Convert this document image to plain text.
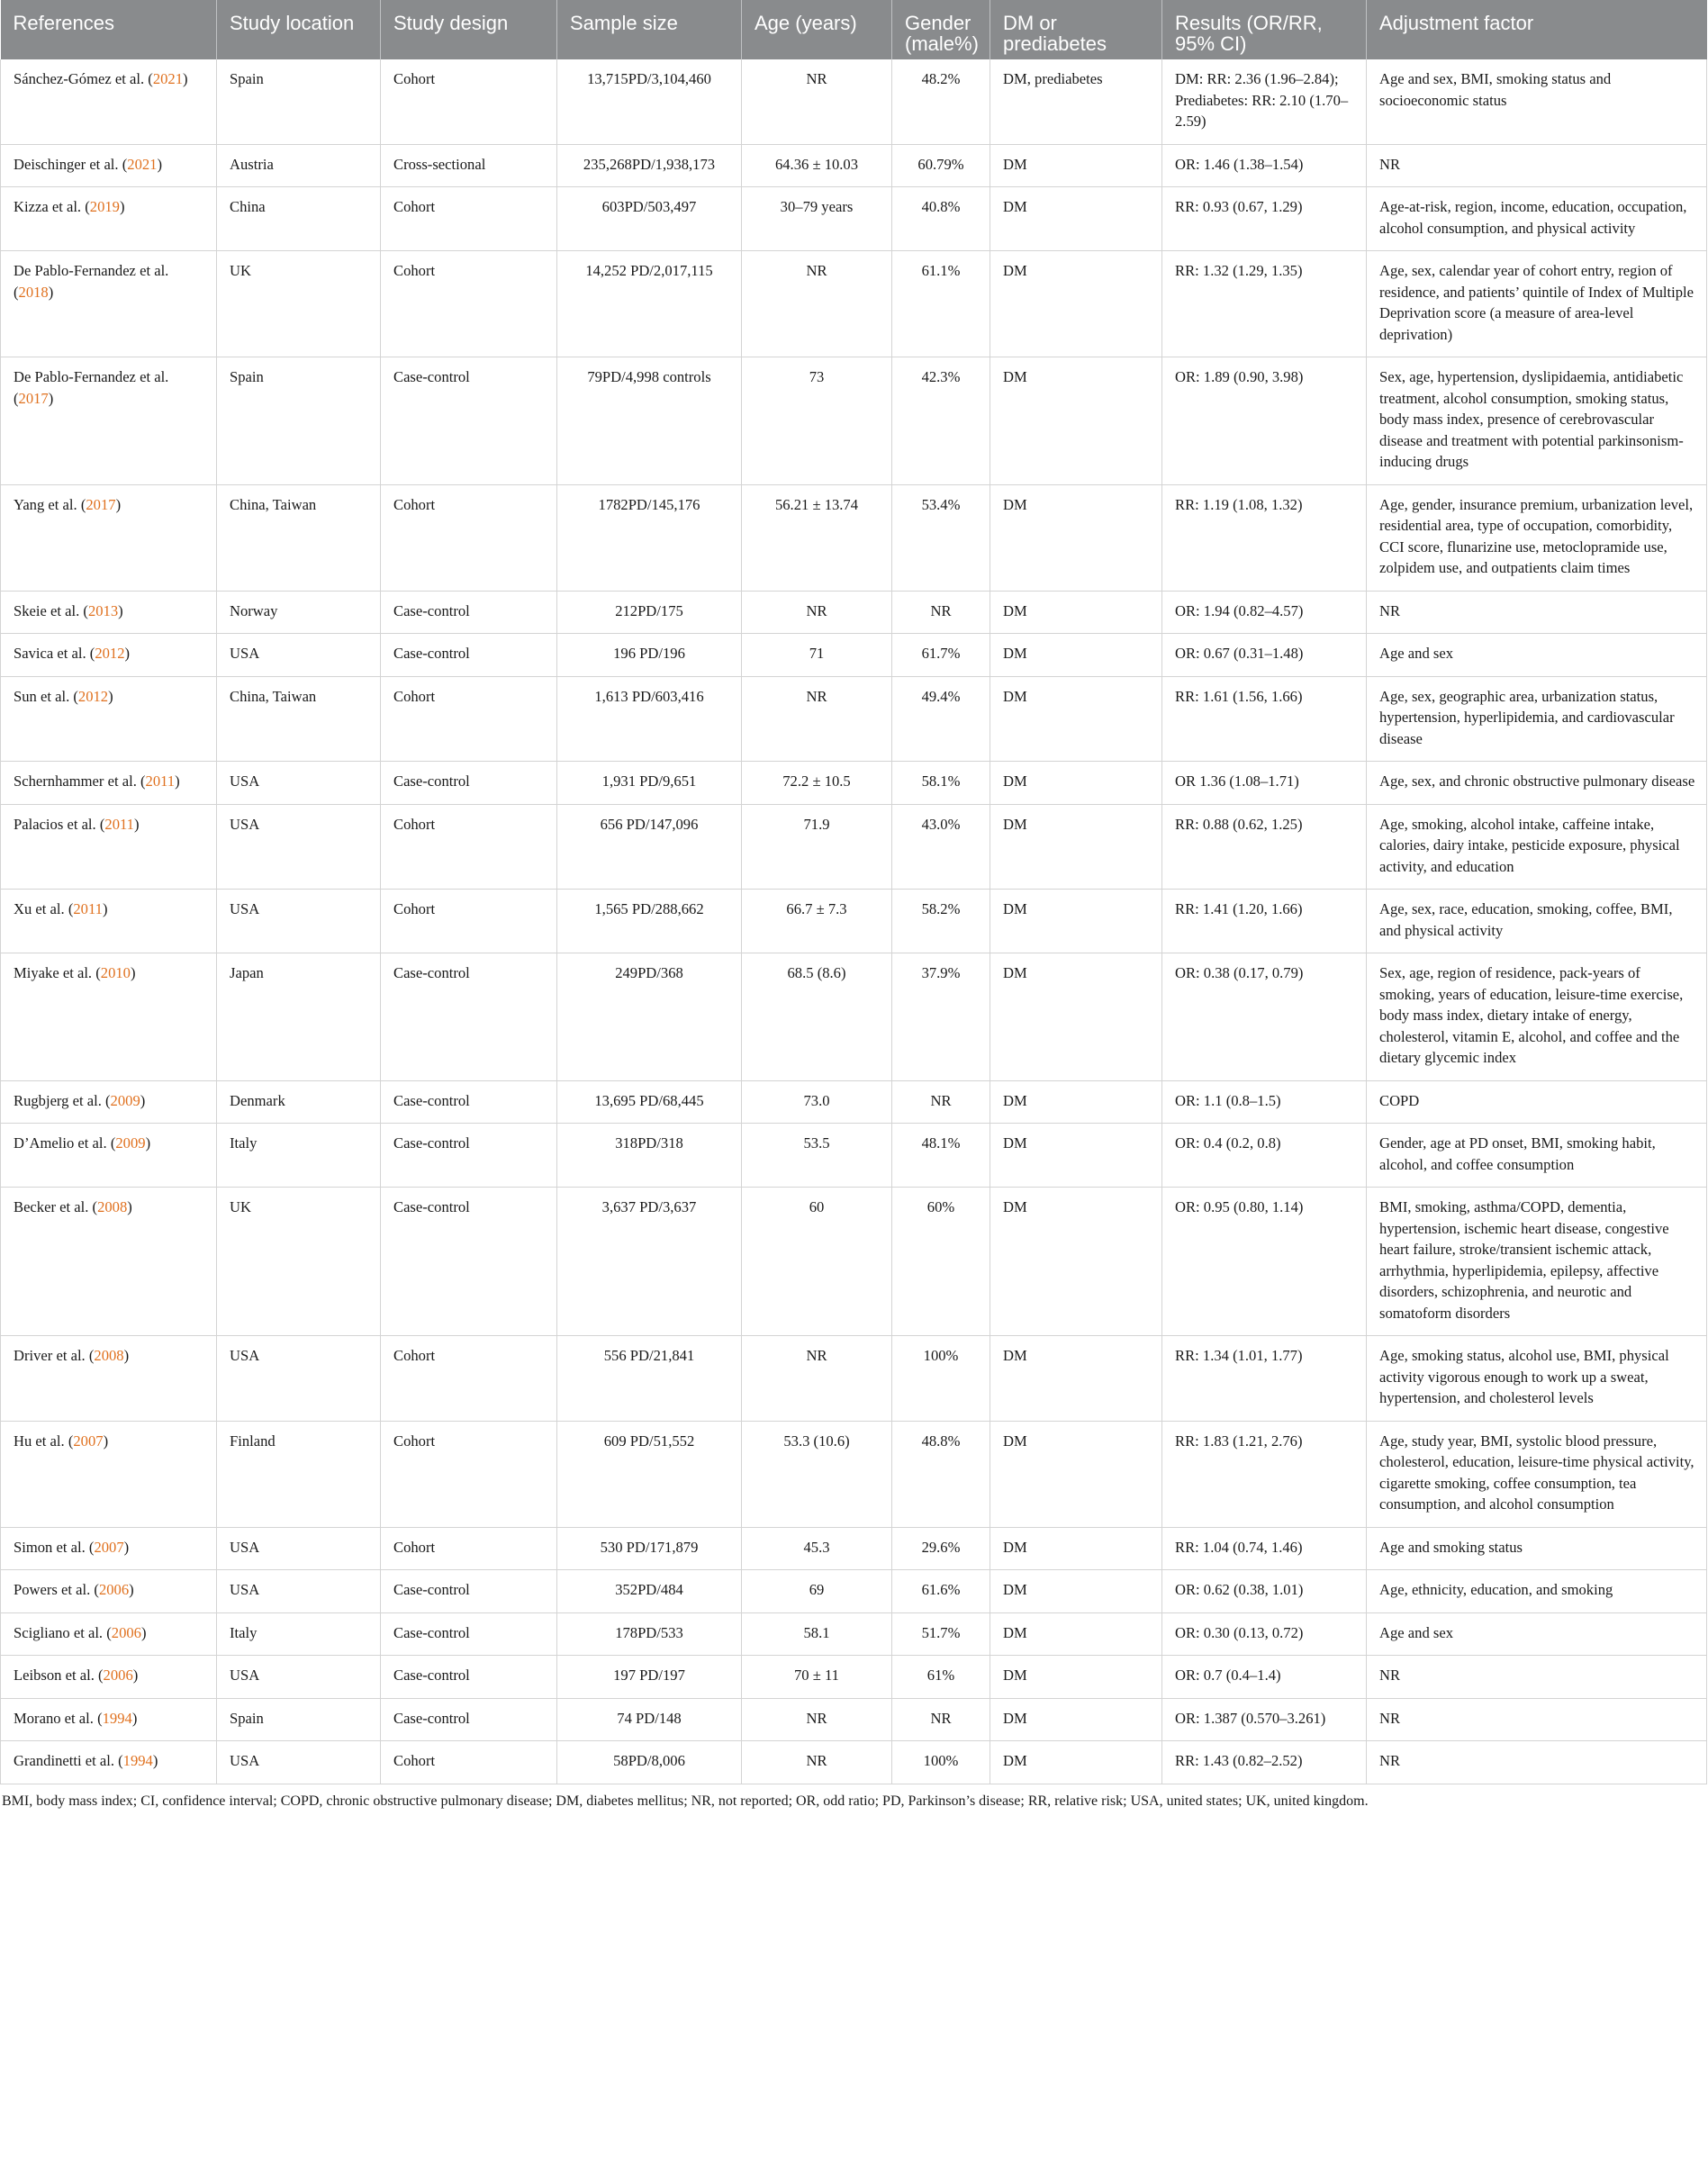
References	Study location	Study design	Sample size	Age (years)	Gender (male%)	DM or prediabetes	Results (OR/RR, 95% CI)	Adjustment factor
Sánchez-Gómez et al. (2021)	Spain	Cohort	13,715PD/3,104,460	NR	48.2%	DM, prediabetes	DM: RR: 2.36 (1.96–2.84); Prediabetes: RR: 2.10 (1.70–2.59)	Age and sex, BMI, smoking status and socioeconomic status
Deischinger et al. (2021)	Austria	Cross-sectional	235,268PD/1,938,173	64.36 ± 10.03	60.79%	DM	OR: 1.46 (1.38–1.54)	NR
Kizza et al. (2019)	China	Cohort	603PD/503,497	30–79 years	40.8%	DM	RR: 0.93 (0.67, 1.29)	Age-at-risk, region, income, education, occupation, alcohol consumption, and physical activity
De Pablo-Fernandez et al. (2018)	UK	Cohort	14,252 PD/2,017,115	NR	61.1%	DM	RR: 1.32 (1.29, 1.35)	Age, sex, calendar year of cohort entry, region of residence, and patients’ quintile of Index of Multiple Deprivation score (a measure of area-level deprivation)
De Pablo-Fernandez et al. (2017)	Spain	Case-control	79PD/4,998 controls	73	42.3%	DM	OR: 1.89 (0.90, 3.98)	Sex, age, hypertension, dyslipidaemia, antidiabetic treatment, alcohol consumption, smoking status, body mass index, presence of cerebrovascular disease and treatment with potential parkinsonism-inducing drugs
Yang et al. (2017)	China, Taiwan	Cohort	1782PD/145,176	56.21 ± 13.74	53.4%	DM	RR: 1.19 (1.08, 1.32)	Age, gender, insurance premium, urbanization level, residential area, type of occupation, comorbidity, CCI score, flunarizine use, metoclopramide use, zolpidem use, and outpatients claim times
Skeie et al. (2013)	Norway	Case-control	212PD/175	NR	NR	DM	OR: 1.94 (0.82–4.57)	NR
Savica et al. (2012)	USA	Case-control	196 PD/196	71	61.7%	DM	OR: 0.67 (0.31–1.48)	Age and sex
Sun et al. (2012)	China, Taiwan	Cohort	1,613 PD/603,416	NR	49.4%	DM	RR: 1.61 (1.56, 1.66)	Age, sex, geographic area, urbanization status, hypertension, hyperlipidemia, and cardiovascular disease
Schernhammer et al. (2011)	USA	Case-control	1,931 PD/9,651	72.2 ± 10.5	58.1%	DM	OR 1.36 (1.08–1.71)	Age, sex, and chronic obstructive pulmonary disease
Palacios et al. (2011)	USA	Cohort	656 PD/147,096	71.9	43.0%	DM	RR: 0.88 (0.62, 1.25)	Age, smoking, alcohol intake, caffeine intake, calories, dairy intake, pesticide exposure, physical activity, and education
Xu et al. (2011)	USA	Cohort	1,565 PD/288,662	66.7 ± 7.3	58.2%	DM	RR: 1.41 (1.20, 1.66)	Age, sex, race, education, smoking, coffee, BMI, and physical activity
Miyake et al. (2010)	Japan	Case-control	249PD/368	68.5 (8.6)	37.9%	DM	OR: 0.38 (0.17, 0.79)	Sex, age, region of residence, pack-years of smoking, years of education, leisure-time exercise, body mass index, dietary intake of energy, cholesterol, vitamin E, alcohol, and coffee and the dietary glycemic index
Rugbjerg et al. (2009)	Denmark	Case-control	13,695 PD/68,445	73.0	NR	DM	OR: 1.1 (0.8–1.5)	COPD
D’Amelio et al. (2009)	Italy	Case-control	318PD/318	53.5	48.1%	DM	OR: 0.4 (0.2, 0.8)	Gender, age at PD onset, BMI, smoking habit, alcohol, and coffee consumption
Becker et al. (2008)	UK	Case-control	3,637 PD/3,637	60	60%	DM	OR: 0.95 (0.80, 1.14)	BMI, smoking, asthma/COPD, dementia, hypertension, ischemic heart disease, congestive heart failure, stroke/transient ischemic attack, arrhythmia, hyperlipidemia, epilepsy, affective disorders, schizophrenia, and neurotic and somatoform disorders
Driver et al. (2008)	USA	Cohort	556 PD/21,841	NR	100%	DM	RR: 1.34 (1.01, 1.77)	Age, smoking status, alcohol use, BMI, physical activity vigorous enough to work up a sweat, hypertension, and cholesterol levels
Hu et al. (2007)	Finland	Cohort	609 PD/51,552	53.3 (10.6)	48.8%	DM	RR: 1.83 (1.21, 2.76)	Age, study year, BMI, systolic blood pressure, cholesterol, education, leisure-time physical activity, cigarette smoking, coffee consumption, tea consumption, and alcohol consumption
Simon et al. (2007)	USA	Cohort	530 PD/171,879	45.3	29.6%	DM	RR: 1.04 (0.74, 1.46)	Age and smoking status
Powers et al. (2006)	USA	Case-control	352PD/484	69	61.6%	DM	OR: 0.62 (0.38, 1.01)	Age, ethnicity, education, and smoking
Scigliano et al. (2006)	Italy	Case-control	178PD/533	58.1	51.7%	DM	OR: 0.30 (0.13, 0.72)	Age and sex
Leibson et al. (2006)	USA	Case-control	197 PD/197	70 ± 11	61%	DM	OR: 0.7 (0.4–1.4)	NR
Morano et al. (1994)	Spain	Case-control	74 PD/148	NR	NR	DM	OR: 1.387 (0.570–3.261)	NR
Grandinetti et al. (1994)	USA	Cohort	58PD/8,006	NR	100%	DM	RR: 1.43 (0.82–2.52)	NR

BMI, body mass index; CI, confidence interval; COPD, chronic obstructive pulmonary disease; DM, diabetes mellitus; NR, not reported; OR, odd ratio; PD, Parkinson’s disease; RR, relative risk; USA, united states; UK, united kingdom.
